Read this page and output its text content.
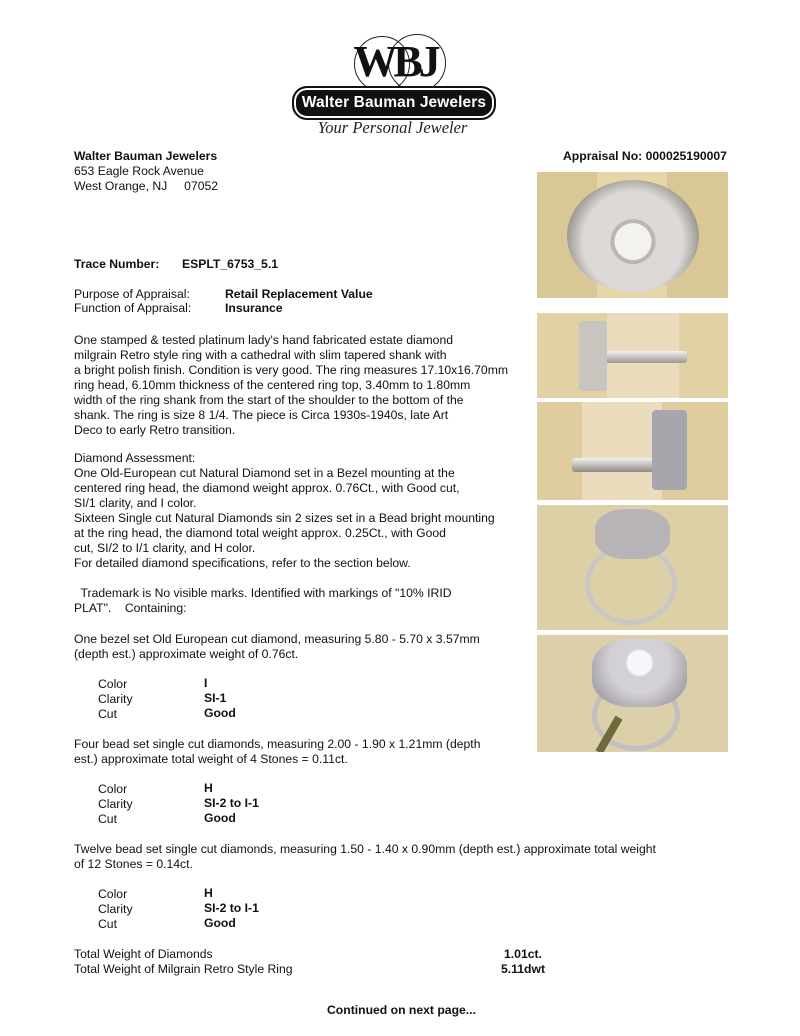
WBJ
Walter Bauman Jewelers
Your Personal Jeweler
Walter Bauman Jewelers
653 Eagle Rock Avenue
West Orange, NJ     07052
Appraisal No: 000025190007
Trace Number: ESPLT_6753_5.1
Purpose of Appraisal:	Retail Replacement Value
Function of Appraisal:	Insurance
One stamped & tested platinum lady's hand fabricated estate diamond
milgrain Retro style ring with a cathedral with slim tapered shank with
a bright polish finish. Condition is very good. The ring measures 17.10x16.70mm
ring head, 6.10mm thickness of the centered ring top, 3.40mm to 1.80mm
width of the ring shank from the start of the shoulder to the bottom of the
shank. The ring is size 8 1/4. The piece is Circa 1930s-1940s, late Art
Deco to early Retro transition.
Diamond Assessment:
One Old-European cut Natural Diamond set in a Bezel mounting at the
centered ring head, the diamond weight approx. 0.76Ct., with Good cut,
SI/1 clarity, and I color.
Sixteen Single cut Natural Diamonds sin 2 sizes set in a Bead bright mounting
at the ring head, the diamond total weight approx. 0.25Ct., with Good
cut, SI/2 to I/1 clarity, and H color.
For detailed diamond specifications, refer to the section below.
Trademark is No visible marks. Identified with markings of "10% IRID
PLAT".    Containing:
One bezel set Old European cut diamond, measuring 5.80 - 5.70 x 3.57mm
(depth est.) approximate weight of 0.76ct.
Color	I
Clarity	SI-1
Cut	Good
Four bead set single cut diamonds, measuring 2.00 - 1.90 x 1.21mm (depth
est.) approximate total weight of 4 Stones = 0.11ct.
Color	H
Clarity	SI-2 to I-1
Cut	Good
Twelve bead set single cut diamonds, measuring 1.50 - 1.40 x 0.90mm (depth est.) approximate total weight
of 12 Stones = 0.14ct.
Color	H
Clarity	SI-2 to I-1
Cut	Good
Total Weight of Diamonds	1.01ct.
Total Weight of Milgrain Retro Style Ring	5.11dwt
Continued on next page...
